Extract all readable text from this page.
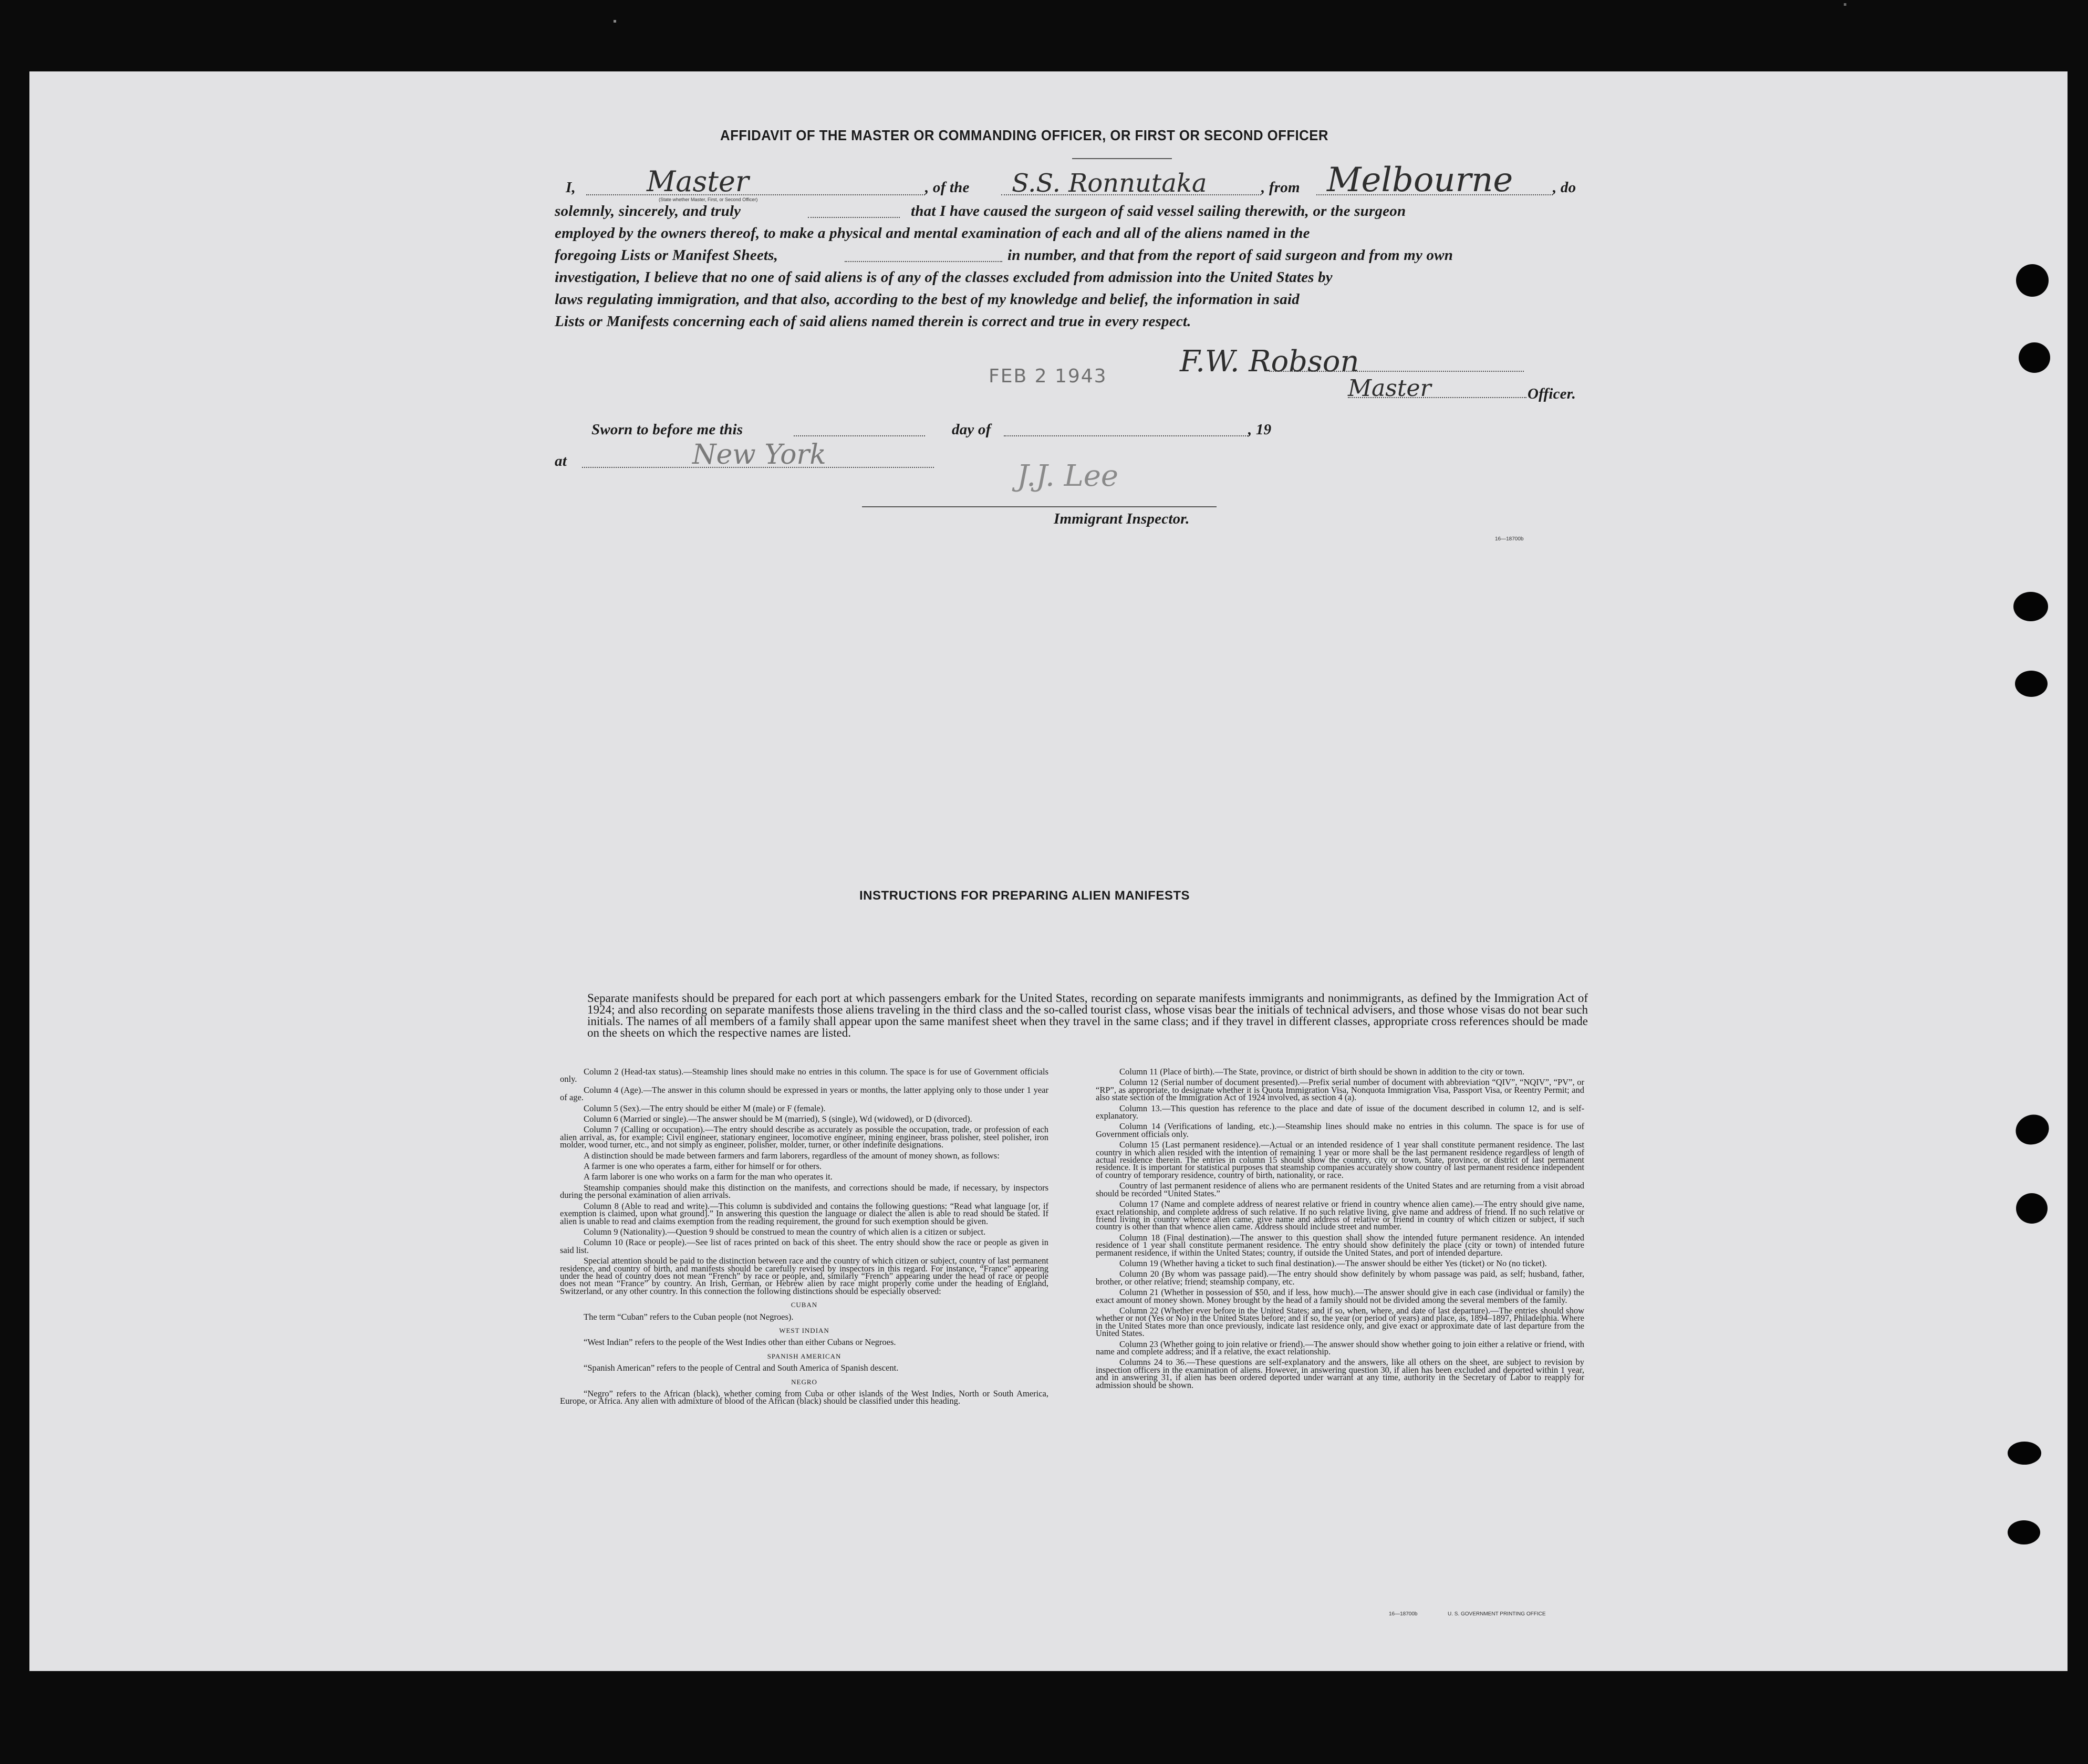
AFFIDAVIT OF THE MASTER OR COMMANDING OFFICER, OR FIRST OR SECOND OFFICER
I,	Master
(State whether Master, First, or Second Officer)
, of the S.S. Ronnutaka	, from Melbourne	, do
solemnly, sincerely, and truly	that I have caused the surgeon of said vessel sailing therewith, or the surgeon
employed by the owners thereof, to make a physical and mental examination of each and all of the aliens named in the
foregoing Lists or Manifest Sheets,	in number, and that from the report of said surgeon and from my own
investigation, I believe that no one of said aliens is of any of the classes excluded from admission into the United States by
laws regulating immigration, and that also, according to the best of my knowledge and belief, the information in said
Lists or Manifests concerning each of said aliens named therein is correct and true in every respect.
FEB 2 1943 F.W. Robson
Master	Officer.
Sworn to before me this	day of	, 19
at	New York
J.J. Lee
Immigrant Inspector.
16—18700b
INSTRUCTIONS FOR PREPARING ALIEN MANIFESTS
Separate manifests should be prepared for each port at which passengers embark for the United States, recording on separate manifests immigrants and nonimmigrants, as defined by the Immigration Act of 1924; and also recording on separate manifests those aliens traveling in the third class and the so-called tourist class, whose visas bear the initials of technical advisers, and those whose visas do not bear such initials. The names of all members of a family shall appear upon the same manifest sheet when they travel in the same class; and if they travel in different classes, appropriate cross references should be made on the sheets on which the respective names are listed.

Column 2 (Head-tax status).—Steamship lines should make no entries in this column. The space is for use of Government officials only.

Column 4 (Age).—The answer in this column should be expressed in years or months, the latter applying only to those under 1 year of age.

Column 5 (Sex).—The entry should be either M (male) or F (female).

Column 6 (Married or single).—The answer should be M (married), S (single), Wd (widowed), or D (divorced).

Column 7 (Calling or occupation).—The entry should describe as accurately as possible the occupation, trade, or profession of each alien arrival, as, for example: Civil engineer, stationary engineer, locomotive engineer, mining engineer, brass polisher, steel polisher, iron molder, wood turner, etc., and not simply as engineer, polisher, molder, turner, or other indefinite designations.

A distinction should be made between farmers and farm laborers, regardless of the amount of money shown, as follows:

A farmer is one who operates a farm, either for himself or for others.

A farm laborer is one who works on a farm for the man who operates it.

Steamship companies should make this distinction on the manifests, and corrections should be made, if necessary, by inspectors during the personal examination of alien arrivals.

Column 8 (Able to read and write).—This column is subdivided and contains the following questions: “Read what language [or, if exemption is claimed, upon what ground].” In answering this question the language or dialect the alien is able to read should be stated. If alien is unable to read and claims exemption from the reading requirement, the ground for such exemption should be given.

Column 9 (Nationality).—Question 9 should be construed to mean the country of which alien is a citizen or subject.

Column 10 (Race or people).—See list of races printed on back of this sheet. The entry should show the race or people as given in said list.

Special attention should be paid to the distinction between race and the country of which citizen or subject, country of last permanent residence, and country of birth, and manifests should be carefully revised by inspectors in this regard. For instance, “France” appearing under the head of country does not mean “French” by race or people, and, similarly “French” appearing under the head of race or people does not mean “France” by country. An Irish, German, or Hebrew alien by race might properly come under the heading of England, Switzerland, or any other country. In this connection the following distinctions should be especially observed:

CUBAN

The term “Cuban” refers to the Cuban people (not Negroes).

WEST INDIAN

“West Indian” refers to the people of the West Indies other than either Cubans or Negroes.

SPANISH AMERICAN

“Spanish American” refers to the people of Central and South America of Spanish descent.

NEGRO

“Negro” refers to the African (black), whether coming from Cuba or other islands of the West Indies, North or South America, Europe, or Africa. Any alien with admixture of blood of the African (black) should be classified under this heading.

Column 11 (Place of birth).—The State, province, or district of birth should be shown in addition to the city or town.

Column 12 (Serial number of document presented).—Prefix serial number of document with abbreviation “QIV”, “NQIV”, “PV”, or “RP”, as appropriate, to designate whether it is Quota Immigration Visa, Nonquota Immigration Visa, Passport Visa, or Reentry Permit; and also state section of the Immigration Act of 1924 involved, as section 4 (a).

Column 13.—This question has reference to the place and date of issue of the document described in column 12, and is self-explanatory.

Column 14 (Verifications of landing, etc.).—Steamship lines should make no entries in this column. The space is for use of Government officials only.

Column 15 (Last permanent residence).—Actual or an intended residence of 1 year shall constitute permanent residence. The last country in which alien resided with the intention of remaining 1 year or more shall be the last permanent residence regardless of length of actual residence therein. The entries in column 15 should show the country, city or town, State, province, or district of last permanent residence. It is important for statistical purposes that steamship companies accurately show country of last permanent residence independent of country of temporary residence, country of birth, nationality, or race.

Country of last permanent residence of aliens who are permanent residents of the United States and are returning from a visit abroad should be recorded “United States.”

Column 17 (Name and complete address of nearest relative or friend in country whence alien came).—The entry should give name, exact relationship, and complete address of such relative. If no such relative living, give name and address of friend. If no such relative or friend living in country whence alien came, give name and address of relative or friend in country of which citizen or subject, if such country is other than that whence alien came. Address should include street and number.

Column 18 (Final destination).—The answer to this question shall show the intended future permanent residence. An intended residence of 1 year shall constitute permanent residence. The entry should show definitely the place (city or town) of intended future permanent residence, if within the United States; country, if outside the United States, and port of intended departure.

Column 19 (Whether having a ticket to such final destination).—The answer should be either Yes (ticket) or No (no ticket).

Column 20 (By whom was passage paid).—The entry should show definitely by whom passage was paid, as self; husband, father, brother, or other relative; friend; steamship company, etc.

Column 21 (Whether in possession of $50, and if less, how much).—The answer should give in each case (individual or family) the exact amount of money shown. Money brought by the head of a family should not be divided among the several members of the family.

Column 22 (Whether ever before in the United States; and if so, when, where, and date of last departure).—The entries should show whether or not (Yes or No) in the United States before; and if so, the year (or period of years) and place, as, 1894–1897, Philadelphia. Where in the United States more than once previously, indicate last residence only, and give exact or approximate date of last departure from the United States.

Column 23 (Whether going to join relative or friend).—The answer should show whether going to join either a relative or friend, with name and complete address; and if a relative, the exact relationship.

Columns 24 to 36.—These questions are self-explanatory and the answers, like all others on the sheet, are subject to revision by inspection officers in the examination of aliens. However, in answering question 30, if alien has been excluded and deported within 1 year, and in answering 31, if alien has been ordered deported under warrant at any time, authority in the Secretary of Labor to reapply for admission should be shown.

16—18700b	U. S. GOVERNMENT PRINTING OFFICE
